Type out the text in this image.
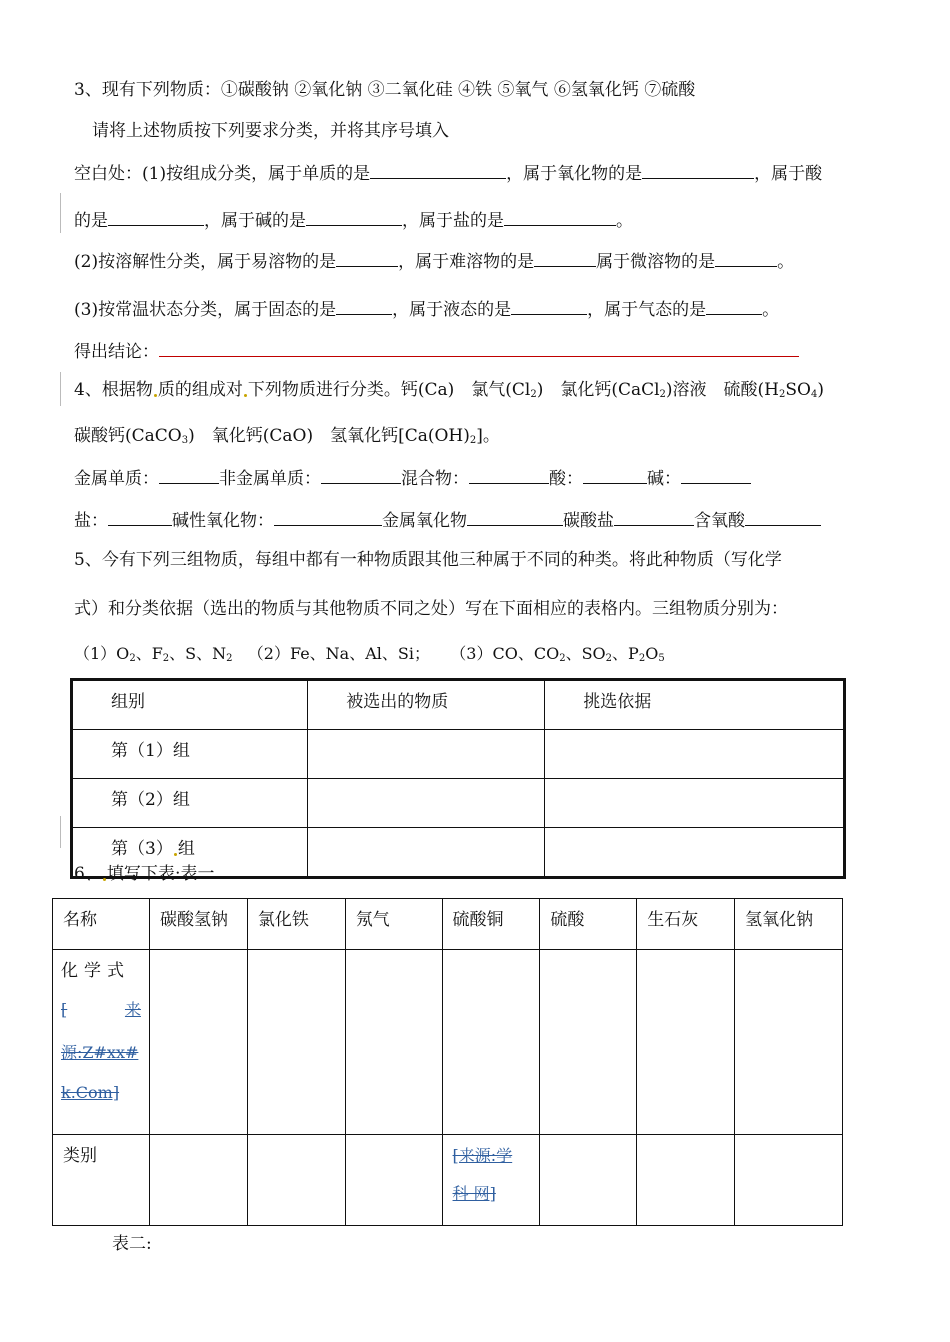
3、现有下列物质：①碳酸钠 ②氧化钠 ③二氧化硅 ④铁 ⑤氧气 ⑥氢氧化钙 ⑦硫酸
请将上述物质按下列要求分类，并将其序号填入
空白处：(1)按组成分类，属于单质的是	，属于氧化物的是	，属于酸
的是	，属于碱的是	，属于盐的是	。
(2)按溶解性分类，属于易溶物的是	，属于难溶物的是	属于微溶物的是	。
(3)按常温状态分类，属于固态的是	，属于液态的是	，属于气态的是	。
得出结论：
4、根据物 质的组成对 下列物质进行分类。钙(Ca)　氯气$(Cl_2)$　氯化钙(CaCl$_2$)溶液　硫酸$(H_2SO_4)$
碳酸钙(CaCO$_3$)　氧化钙(CaO)　氢氧化钙$[Ca(OH)_2]$。
金属单质：	非金属单质：	混合物：	酸：	碱：
盐：	碱性氧化物：	金属氧化物	碳酸盐	含氧酸
5、今有下列三组物质，每组中都有一种物质跟其他三种属于不同的种类。将此种物质（写化学
式）和分类依据（选出的物质与其他物质不同之处）写在下面相应的表格内。三组物质分别为：
$(1)O_2$、$F_2$、S、$N_2$ （2）Fe、Na、Al、Si； （3）CO、$CO_2$、$SO_2$、$P_2O_5$
组别	被选出的物质	挑选依据
第（1）组		
第（2）组		
第（3） 组		
6、 填写下表:表一
名称	碳酸氢钠	氯化铁	氖气	硫酸铜	硫酸	生石灰	氢氧化钠

化学式
[ 来
源:Z#xx#
k.Com]							

类别				[来源:学
科 网]			

表二:
